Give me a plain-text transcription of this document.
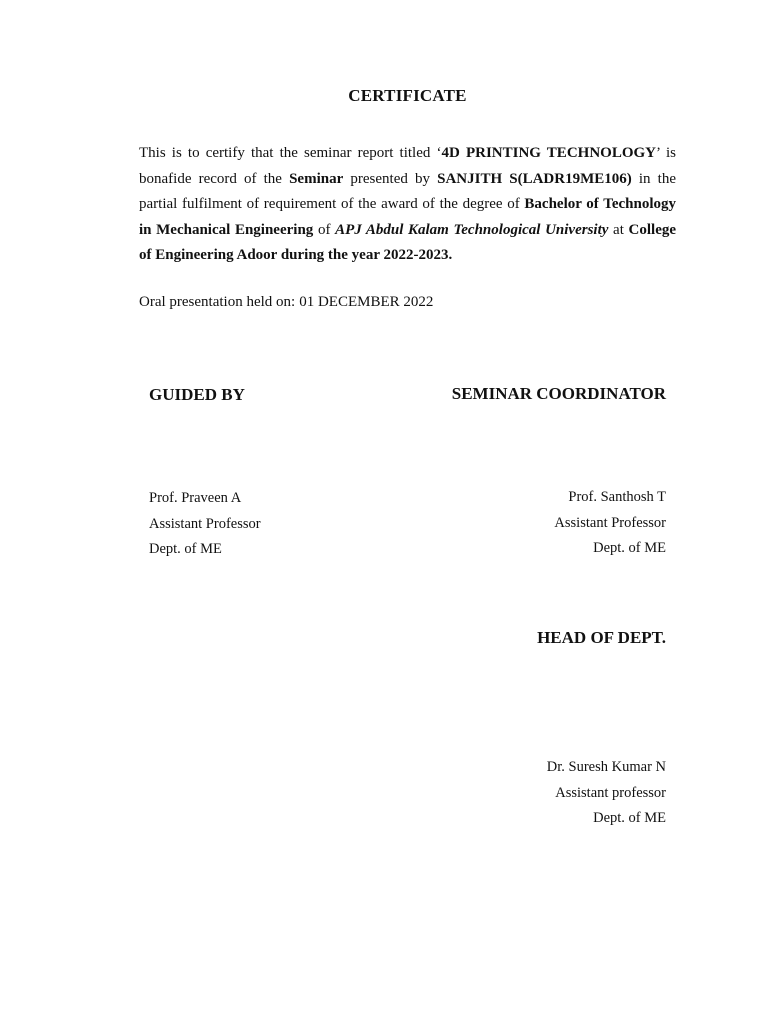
CERTIFICATE
This is to certify that the seminar report titled ‘4D PRINTING TECHNOLOGY’ is bonafide record of the Seminar presented by SANJITH S(LADR19ME106) in the partial fulfilment of requirement of the award of the degree of Bachelor of Technology in Mechanical Engineering of APJ Abdul Kalam Technological University at College of Engineering Adoor during the year 2022-2023.
Oral presentation held on: 01 DECEMBER 2022
GUIDED BY	SEMINAR COORDINATOR
Prof. Praveen A
Assistant Professor
Dept. of ME
Prof. Santhosh T
Assistant Professor
Dept. of ME
HEAD OF DEPT.
Dr. Suresh Kumar N
Assistant professor
Dept. of ME
